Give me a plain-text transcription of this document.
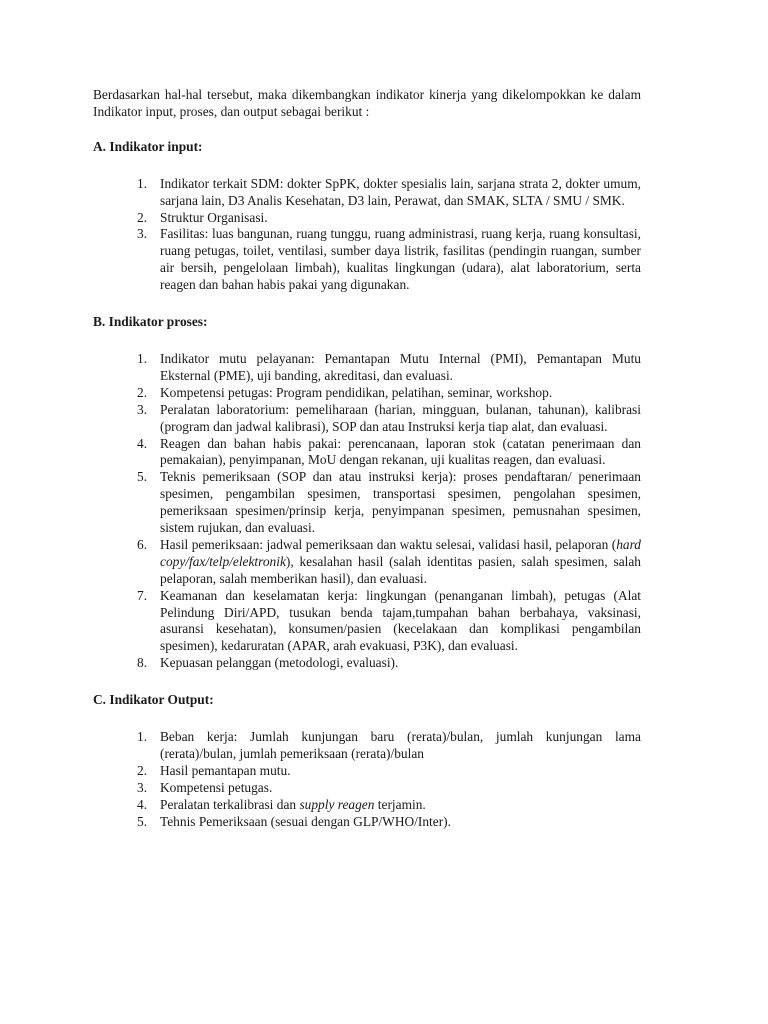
Berdasarkan hal-hal tersebut, maka dikembangkan indikator kinerja yang dikelompokkan ke dalam Indikator input, proses, dan output sebagai berikut :

A. Indikator input:
1. Indikator terkait SDM: dokter SpPK, dokter spesialis lain, sarjana strata 2, dokter umum, sarjana lain, D3 Analis Kesehatan, D3 lain, Perawat, dan SMAK, SLTA / SMU / SMK.
2. Struktur Organisasi.
3. Fasilitas: luas bangunan, ruang tunggu, ruang administrasi, ruang kerja, ruang konsultasi, ruang petugas, toilet, ventilasi, sumber daya listrik, fasilitas (pendingin ruangan, sumber air bersih, pengelolaan limbah), kualitas lingkungan (udara), alat laboratorium, serta reagen dan bahan habis pakai yang digunakan.
B. Indikator proses:
1. Indikator mutu pelayanan: Pemantapan Mutu Internal (PMI), Pemantapan Mutu Eksternal (PME), uji banding, akreditasi, dan evaluasi.
2. Kompetensi petugas: Program pendidikan, pelatihan, seminar, workshop.
3. Peralatan laboratorium: pemeliharaan (harian, mingguan, bulanan, tahunan), kalibrasi (program dan jadwal kalibrasi), SOP dan atau Instruksi kerja tiap alat, dan evaluasi.
4. Reagen dan bahan habis pakai: perencanaan, laporan stok (catatan penerimaan dan pemakaian), penyimpanan, MoU dengan rekanan, uji kualitas reagen, dan evaluasi.
5. Teknis pemeriksaan (SOP dan atau instruksi kerja): proses pendaftaran/ penerimaan spesimen, pengambilan spesimen, transportasi spesimen, pengolahan spesimen, pemeriksaan spesimen/prinsip kerja, penyimpanan spesimen, pemusnahan spesimen, sistem rujukan, dan evaluasi.
6. Hasil pemeriksaan: jadwal pemeriksaan dan waktu selesai, validasi hasil, pelaporan (hard copy/fax/telp/elektronik), kesalahan hasil (salah identitas pasien, salah spesimen, salah pelaporan, salah memberikan hasil), dan evaluasi.
7. Keamanan dan keselamatan kerja: lingkungan (penanganan limbah), petugas (Alat Pelindung Diri/APD, tusukan benda tajam,tumpahan bahan berbahaya, vaksinasi, asuransi kesehatan), konsumen/pasien (kecelakaan dan komplikasi pengambilan spesimen), kedaruratan (APAR, arah evakuasi, P3K), dan evaluasi.
8. Kepuasan pelanggan (metodologi, evaluasi).
C. Indikator Output:
1. Beban kerja: Jumlah kunjungan baru (rerata)/bulan, jumlah kunjungan lama (rerata)/bulan, jumlah pemeriksaan (rerata)/bulan
2. Hasil pemantapan mutu.
3. Kompetensi petugas.
4. Peralatan terkalibrasi dan supply reagen terjamin.
5. Tehnis Pemeriksaan (sesuai dengan GLP/WHO/Inter).
